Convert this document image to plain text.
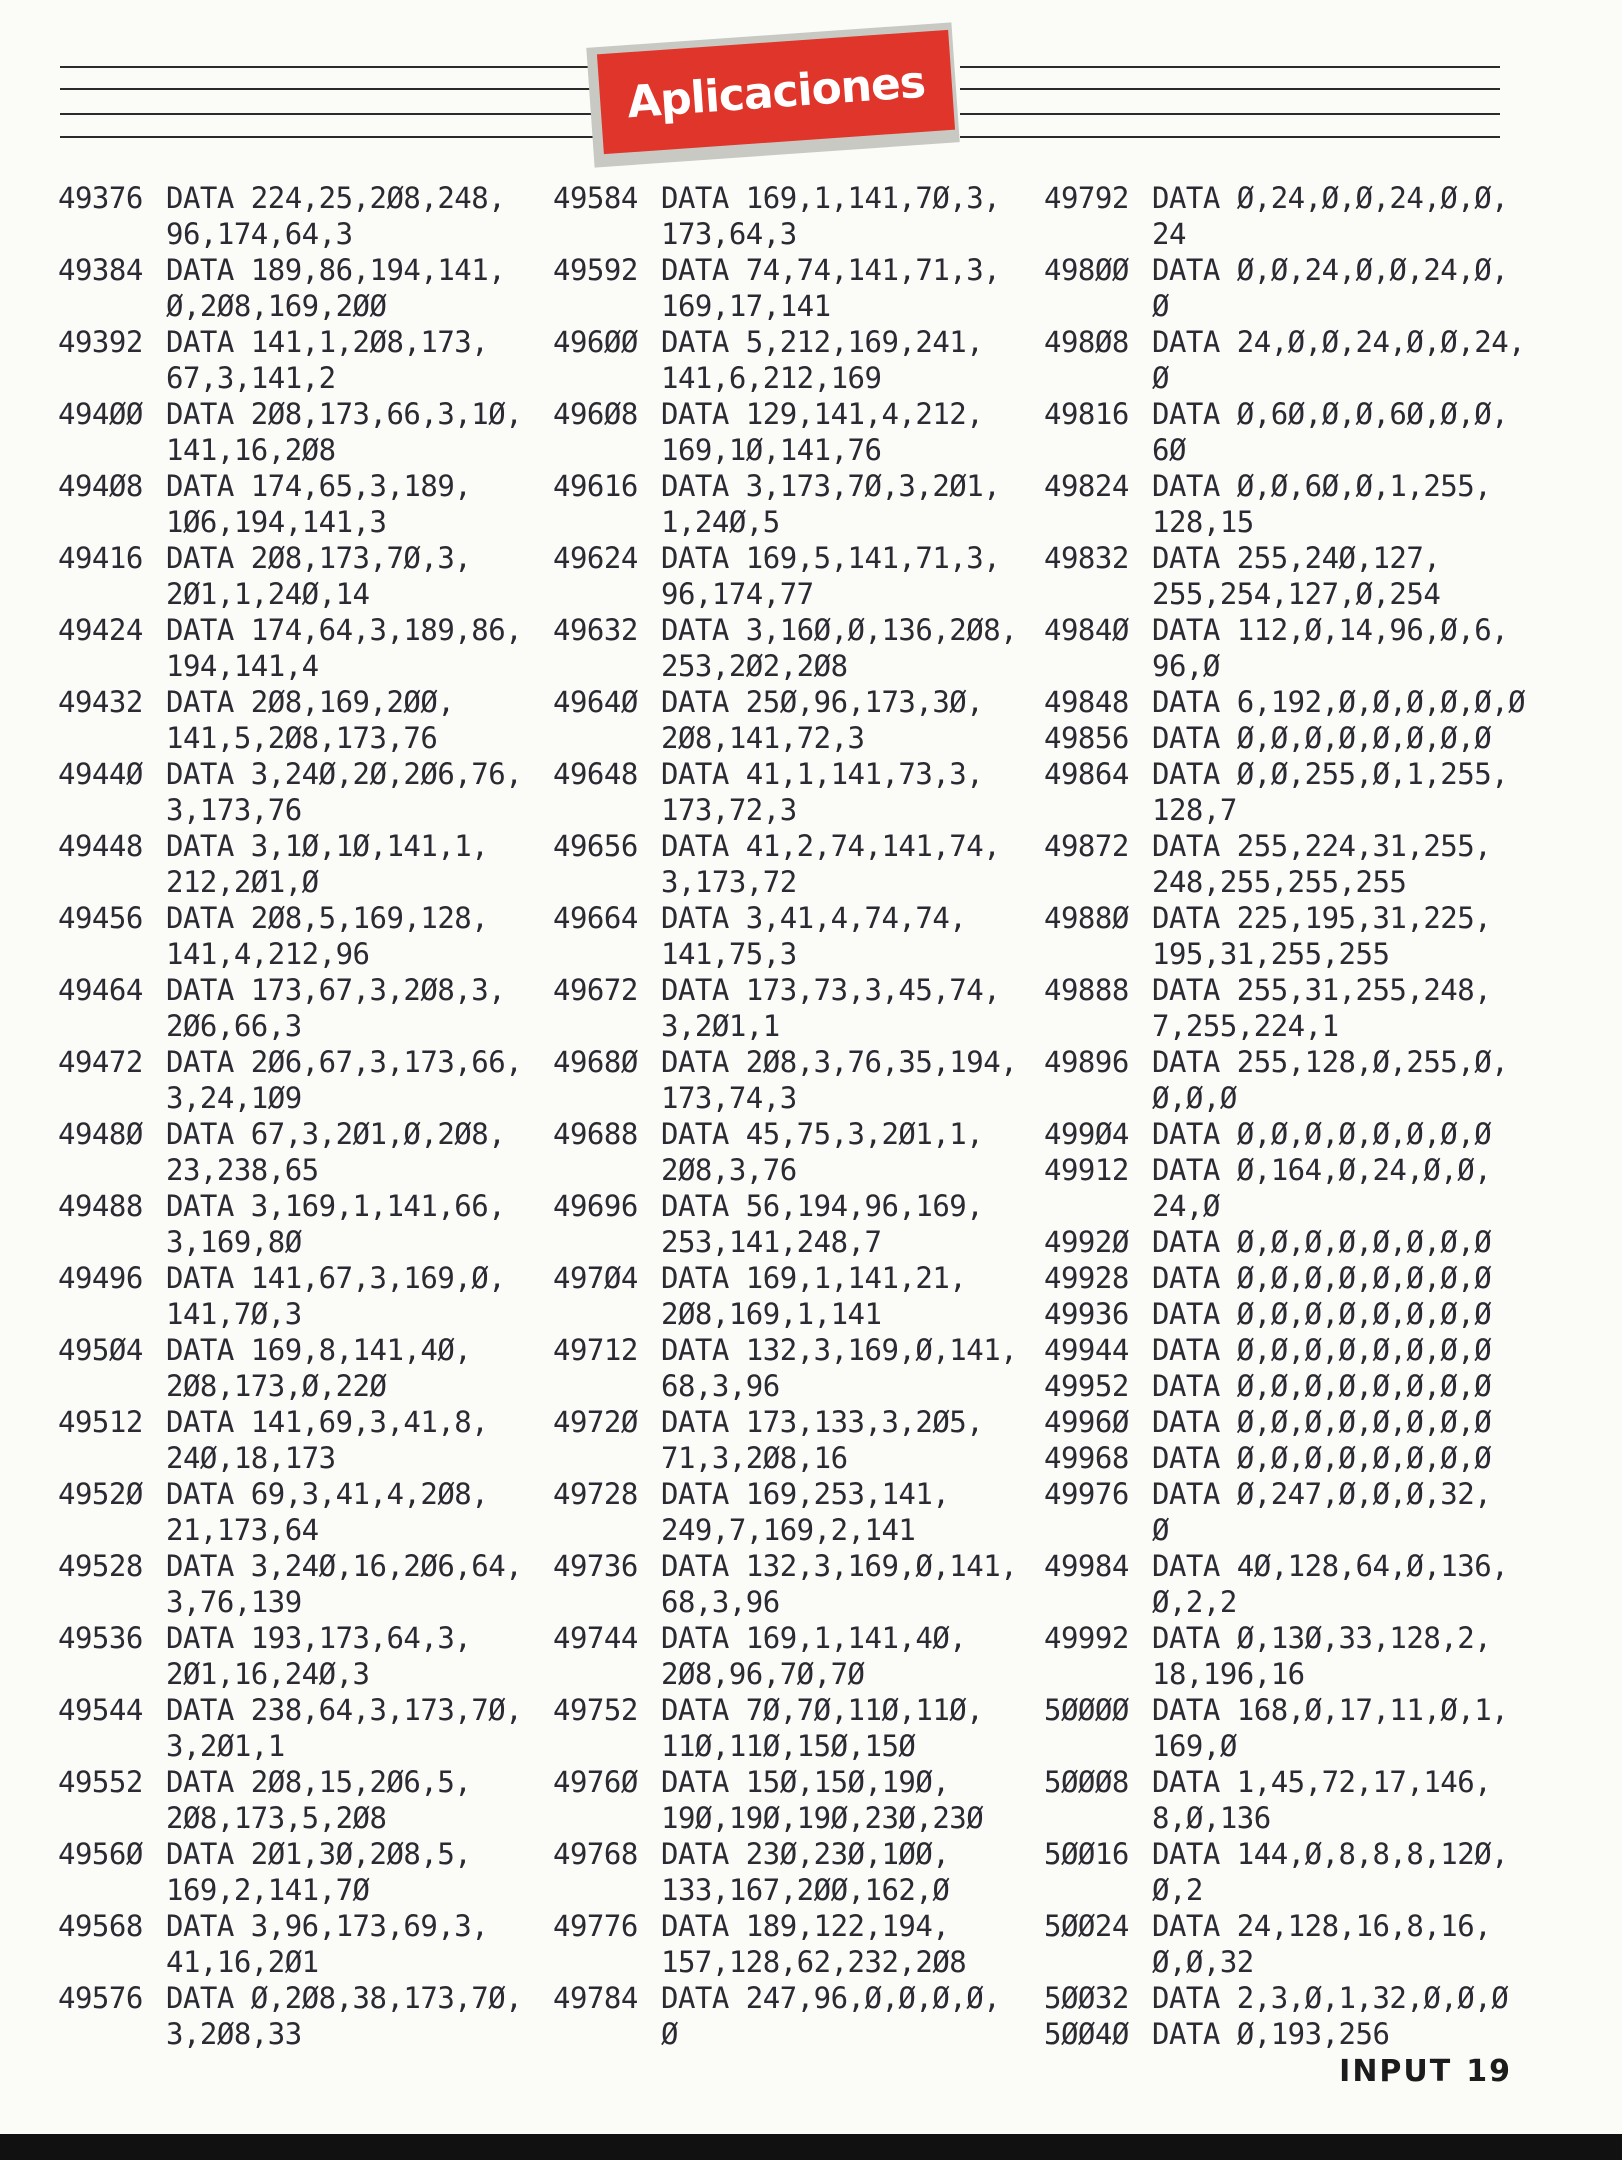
Aplicaciones
49376 DATA 224,25,2Ø8,248,
96,174,64,3
49384 DATA 189,86,194,141,
Ø,2Ø8,169,2ØØ
49392 DATA 141,1,2Ø8,173,
67,3,141,2
494ØØ DATA 2Ø8,173,66,3,1Ø,
141,16,2Ø8
494Ø8 DATA 174,65,3,189,
1Ø6,194,141,3
49416 DATA 2Ø8,173,7Ø,3,
2Ø1,1,24Ø,14
49424 DATA 174,64,3,189,86,
194,141,4
49432 DATA 2Ø8,169,2ØØ,
141,5,2Ø8,173,76
4944Ø DATA 3,24Ø,2Ø,2Ø6,76,
3,173,76
49448 DATA 3,1Ø,1Ø,141,1,
212,2Ø1,Ø
49456 DATA 2Ø8,5,169,128,
141,4,212,96
49464 DATA 173,67,3,2Ø8,3,
2Ø6,66,3
49472 DATA 2Ø6,67,3,173,66,
3,24,1Ø9
4948Ø DATA 67,3,2Ø1,Ø,2Ø8,
23,238,65
49488 DATA 3,169,1,141,66,
3,169,8Ø
49496 DATA 141,67,3,169,Ø,
141,7Ø,3
495Ø4 DATA 169,8,141,4Ø,
2Ø8,173,Ø,22Ø
49512 DATA 141,69,3,41,8,
24Ø,18,173
4952Ø DATA 69,3,41,4,2Ø8,
21,173,64
49528 DATA 3,24Ø,16,2Ø6,64,
3,76,139
49536 DATA 193,173,64,3,
2Ø1,16,24Ø,3
49544 DATA 238,64,3,173,7Ø,
3,2Ø1,1
49552 DATA 2Ø8,15,2Ø6,5,
2Ø8,173,5,2Ø8
4956Ø DATA 2Ø1,3Ø,2Ø8,5,
169,2,141,7Ø
49568 DATA 3,96,173,69,3,
41,16,2Ø1
49576 DATA Ø,2Ø8,38,173,7Ø,
3,2Ø8,33
49584 DATA 169,1,141,7Ø,3,
173,64,3
49592 DATA 74,74,141,71,3,
169,17,141
496ØØ DATA 5,212,169,241,
141,6,212,169
496Ø8 DATA 129,141,4,212,
169,1Ø,141,76
49616 DATA 3,173,7Ø,3,2Ø1,
1,24Ø,5
49624 DATA 169,5,141,71,3,
96,174,77
49632 DATA 3,16Ø,Ø,136,2Ø8,
253,2Ø2,2Ø8
4964Ø DATA 25Ø,96,173,3Ø,
2Ø8,141,72,3
49648 DATA 41,1,141,73,3,
173,72,3
49656 DATA 41,2,74,141,74,
3,173,72
49664 DATA 3,41,4,74,74,
141,75,3
49672 DATA 173,73,3,45,74,
3,2Ø1,1
4968Ø DATA 2Ø8,3,76,35,194,
173,74,3
49688 DATA 45,75,3,2Ø1,1,
2Ø8,3,76
49696 DATA 56,194,96,169,
253,141,248,7
497Ø4 DATA 169,1,141,21,
2Ø8,169,1,141
49712 DATA 132,3,169,Ø,141,
68,3,96
4972Ø DATA 173,133,3,2Ø5,
71,3,2Ø8,16
49728 DATA 169,253,141,
249,7,169,2,141
49736 DATA 132,3,169,Ø,141,
68,3,96
49744 DATA 169,1,141,4Ø,
2Ø8,96,7Ø,7Ø
49752 DATA 7Ø,7Ø,11Ø,11Ø,
11Ø,11Ø,15Ø,15Ø
4976Ø DATA 15Ø,15Ø,19Ø,
19Ø,19Ø,19Ø,23Ø,23Ø
49768 DATA 23Ø,23Ø,1ØØ,
133,167,2ØØ,162,Ø
49776 DATA 189,122,194,
157,128,62,232,2Ø8
49784 DATA 247,96,Ø,Ø,Ø,Ø,
Ø
49792 DATA Ø,24,Ø,Ø,24,Ø,Ø,
24
498ØØ DATA Ø,Ø,24,Ø,Ø,24,Ø,
Ø
498Ø8 DATA 24,Ø,Ø,24,Ø,Ø,24,
Ø
49816 DATA Ø,6Ø,Ø,Ø,6Ø,Ø,Ø,
6Ø
49824 DATA Ø,Ø,6Ø,Ø,1,255,
128,15
49832 DATA 255,24Ø,127,
255,254,127,Ø,254
4984Ø DATA 112,Ø,14,96,Ø,6,
96,Ø
49848 DATA 6,192,Ø,Ø,Ø,Ø,Ø,Ø
49856 DATA Ø,Ø,Ø,Ø,Ø,Ø,Ø,Ø
49864 DATA Ø,Ø,255,Ø,1,255,
128,7
49872 DATA 255,224,31,255,
248,255,255,255
4988Ø DATA 225,195,31,225,
195,31,255,255
49888 DATA 255,31,255,248,
7,255,224,1
49896 DATA 255,128,Ø,255,Ø,
Ø,Ø,Ø
499Ø4 DATA Ø,Ø,Ø,Ø,Ø,Ø,Ø,Ø
49912 DATA Ø,164,Ø,24,Ø,Ø,
24,Ø
4992Ø DATA Ø,Ø,Ø,Ø,Ø,Ø,Ø,Ø
49928 DATA Ø,Ø,Ø,Ø,Ø,Ø,Ø,Ø
49936 DATA Ø,Ø,Ø,Ø,Ø,Ø,Ø,Ø
49944 DATA Ø,Ø,Ø,Ø,Ø,Ø,Ø,Ø
49952 DATA Ø,Ø,Ø,Ø,Ø,Ø,Ø,Ø
4996Ø DATA Ø,Ø,Ø,Ø,Ø,Ø,Ø,Ø
49968 DATA Ø,Ø,Ø,Ø,Ø,Ø,Ø,Ø
49976 DATA Ø,247,Ø,Ø,Ø,32,
Ø
49984 DATA 4Ø,128,64,Ø,136,
Ø,2,2
49992 DATA Ø,13Ø,33,128,2,
18,196,16
5ØØØØ DATA 168,Ø,17,11,Ø,1,
169,Ø
5ØØØ8 DATA 1,45,72,17,146,
8,Ø,136
5ØØ16 DATA 144,Ø,8,8,8,12Ø,
Ø,2
5ØØ24 DATA 24,128,16,8,16,
Ø,Ø,32
5ØØ32 DATA 2,3,Ø,1,32,Ø,Ø,Ø
5ØØ4Ø DATA Ø,193,256
INPUT 19
